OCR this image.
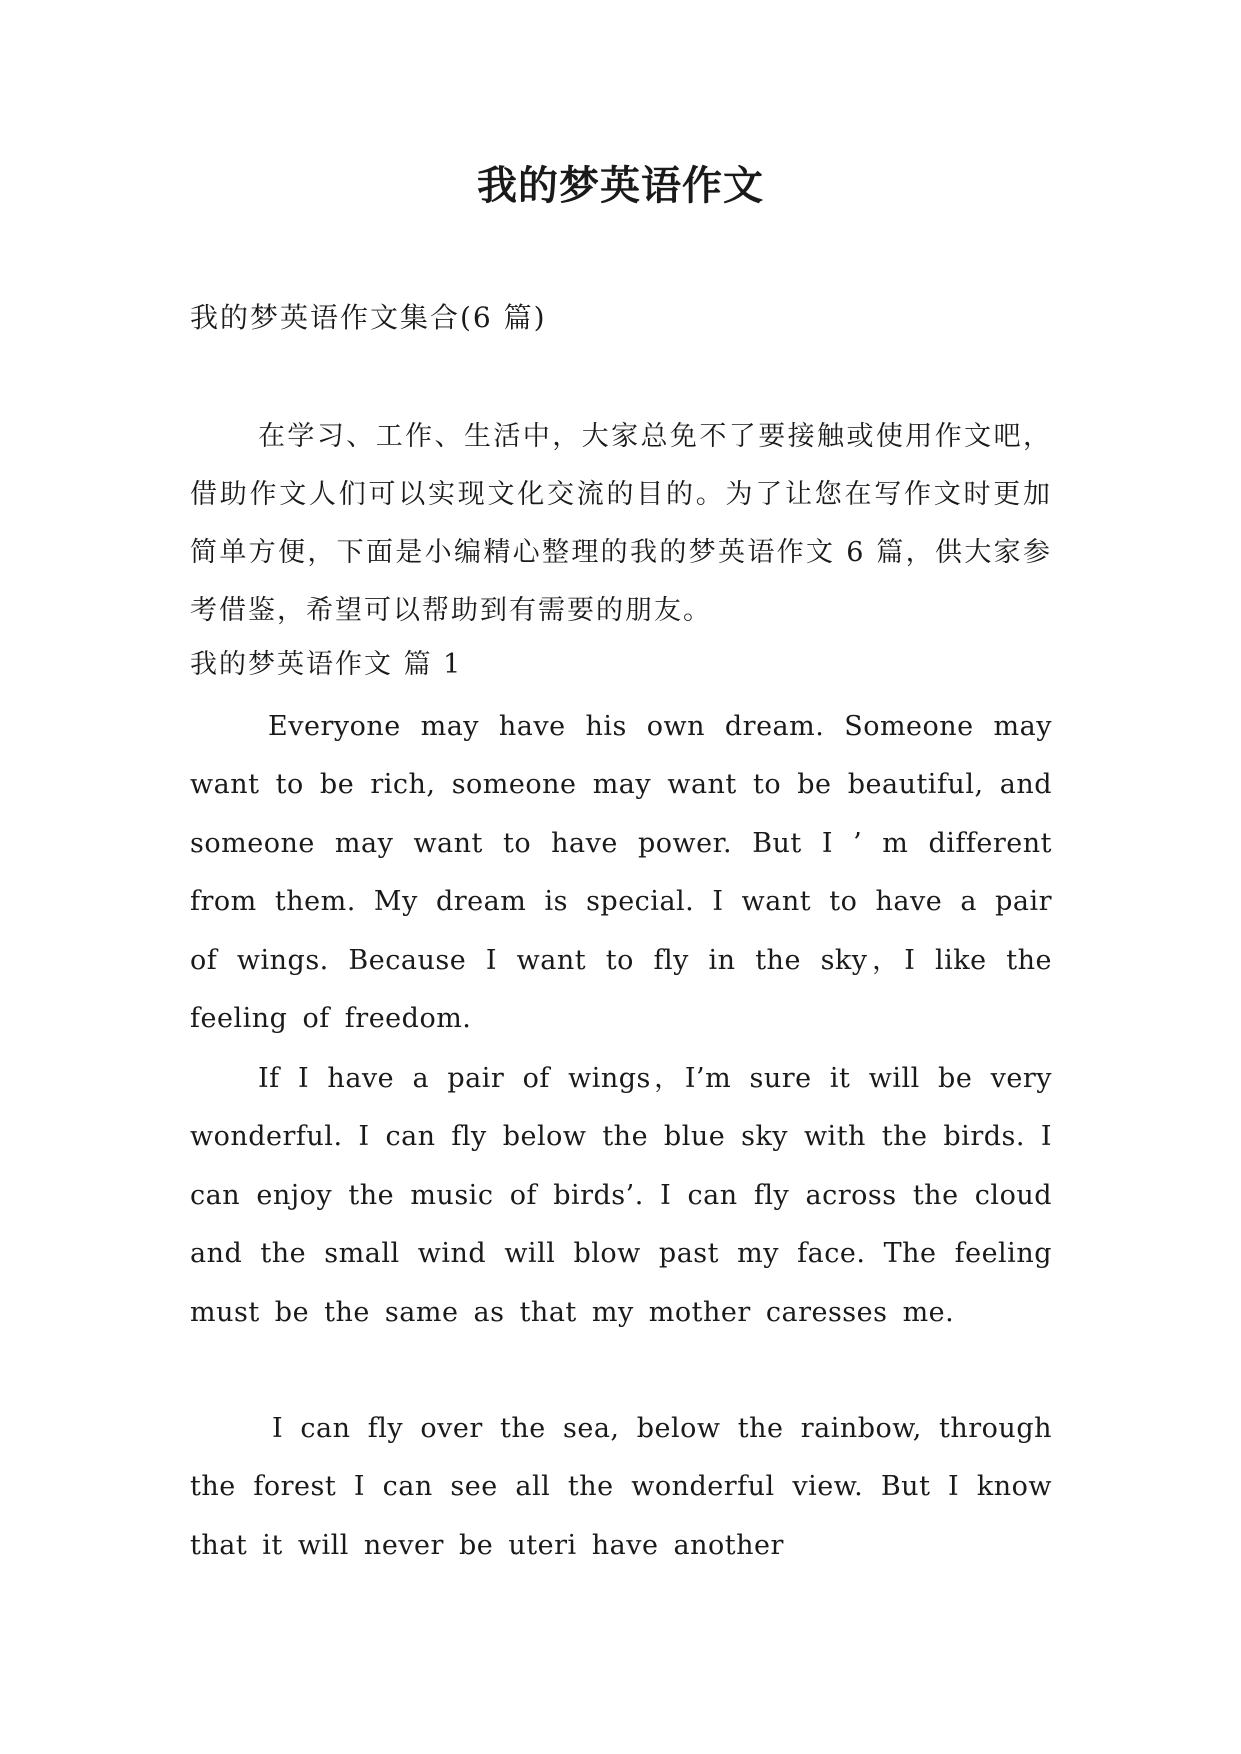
我的梦英语作文
我的梦英语作文集合(6 篇)
在学习、工作、生活中，大家总免不了要接触或使用作文吧，借助作文人们可以实现文化交流的目的。为了让您在写作文时更加简单方便，下面是小编精心整理的我的梦英语作文 6 篇，供大家参考借鉴，希望可以帮助到有需要的朋友。
我的梦英语作文 篇 1
Everyone may have his own dream. Someone may want to be rich, someone may want to be beautiful, and someone may want to have power. But I ’ m different from them. My dream is special. I want to have a pair of wings. Because I want to fly in the sky，I like the feeling of freedom.
If I have a pair of wings，I’m sure it will be very wonderful. I can fly below the blue sky with the birds. I can enjoy the music of birds’. I can fly across the cloud and the small wind will blow past my face. The feeling must be the same as that my mother caresses me.
I can fly over the sea, below the rainbow, through the forest I can see all the wonderful view. But I know that it will never be uteri have another
